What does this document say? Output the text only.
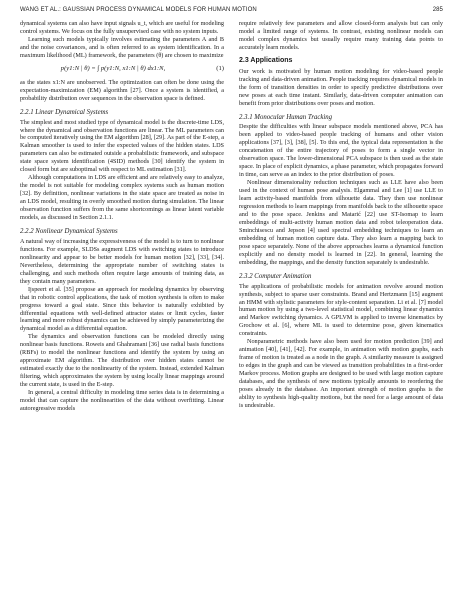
WANG ET AL.: GAUSSIAN PROCESS DYNAMICAL MODELS FOR HUMAN MOTION	285

dynamical systems can also have input signals u_t, which are useful for modeling control systems. We focus on the fully unsupervised case with no system inputs.

Learning such models typically involves estimating the parameters A and B and the noise covariances, and is often referred to as system identification. In a maximum likelihood (ML) framework, the parameters (θ) are chosen to maximize

p(y1:N | θ) = ∫ p(y1:N, x1:N | θ) dx1:N,	(1)

as the states x1:N are unobserved. The optimization can often be done using the expectation-maximization (EM) algorithm [27]. Once a system is identified, a probability distribution over sequences in the observation space is defined.

2.2.1 Linear Dynamical Systems

The simplest and most studied type of dynamical model is the discrete-time LDS, where the dynamical and observation functions are linear. The ML parameters can be computed iteratively using the EM algorithm [28], [29]. As part of the E-step, a Kalman smoother is used to infer the expected values of the hidden states. LDS parameters can also be estimated outside a probabilistic framework, and subspace state space system identification (4SID) methods [30] identify the system in closed form but are suboptimal with respect to ML estimation [31].

Although computations in LDS are efficient and are relatively easy to analyze, the model is not suitable for modeling complex systems such as human motion [32]. By definition, nonlinear variations in the state space are treated as noise in an LDS model, resulting in overly smoothed motion during simulation. The linear observation function suffers from the same shortcomings as linear latent variable models, as discussed in Section 2.1.1.

2.2.2 Nonlinear Dynamical Systems

A natural way of increasing the expressiveness of the model is to turn to nonlinear functions. For example, SLDSs augment LDS with switching states to introduce nonlinearity and appear to be better models for human motion [32], [33], [34]. Nevertheless, determining the appropriate number of switching states is challenging, and such methods often require large amounts of training data, as they contain many parameters.

Ijspeert et al. [35] propose an approach for modeling dynamics by observing that in robotic control applications, the task of motion synthesis is often to make progress toward a goal state. Since this behavior is naturally exhibited by differential equations with well-defined attractor states or limit cycles, faster learning and more robust dynamics can be achieved by simply parameterizing the dynamical model as a differential equation.

The dynamics and observation functions can be modeled directly using nonlinear basis functions. Roweis and Ghahramani [36] use radial basis functions (RBFs) to model the nonlinear functions and identify the system by using an approximate EM algorithm. The distribution over hidden states cannot be estimated exactly due to the nonlinearity of the system. Instead, extended Kalman filtering, which approximates the system by using locally linear mappings around the current state, is used in the E-step.

In general, a central difficulty in modeling time series data is in determining a model that can capture the nonlinearities of the data without overfitting. Linear autoregressive models

require relatively few parameters and allow closed-form analysis but can only model a limited range of systems. In contrast, existing nonlinear models can model complex dynamics but usually require many training data points to accurately learn models.

2.3 Applications

Our work is motivated by human motion modeling for video-based people tracking and data-driven animation. People tracking requires dynamical models in the form of transition densities in order to specify predictive distributions over new poses at each time instant. Similarly, data-driven computer animation can benefit from prior distributions over poses and motion.

2.3.1 Monocular Human Tracking

Despite the difficulties with linear subspace models mentioned above, PCA has been applied to video-based people tracking of humans and other vision applications [37], [3], [38], [5]. To this end, the typical data representation is the concatenation of the entire trajectory of poses to form a single vector in observation space. The lower-dimensional PCA subspace is then used as the state space. In place of explicit dynamics, a phase parameter, which propagates forward in time, can serve as an index to the prior distribution of poses.

Nonlinear dimensionality reduction techniques such as LLE have also been used in the context of human pose analysis. Elgammal and Lee [1] use LLE to learn activity-based manifolds from silhouette data. They then use nonlinear regression methods to learn mappings from manifolds back to the silhouette space and to the pose space. Jenkins and Matarić [22] use ST-Isomap to learn embeddings of multi-activity human motion data and robot teleoperation data. Sminchisescu and Jepson [4] used spectral embedding techniques to learn an embedding of human motion capture data. They also learn a mapping back to pose space separately. None of the above approaches learns a dynamical function explicitly and no density model is learned in [22]. In general, learning the embedding, the mappings, and the density function separately is undesirable.

2.3.2 Computer Animation

The applications of probabilistic models for animation revolve around motion synthesis, subject to sparse user constraints. Brand and Hertzmann [15] augment an HMM with stylistic parameters for style-content separation. Li et al. [7] model human motion by using a two-level statistical model, combining linear dynamics and Markov switching dynamics. A GPLVM is applied to inverse kinematics by Grochow et al. [6], where ML is used to determine pose, given kinematics constraints.

Nonparametric methods have also been used for motion prediction [39] and animation [40], [41], [42]. For example, in animation with motion graphs, each frame of motion is treated as a node in the graph. A similarity measure is assigned to edges in the graph and can be viewed as transition probabilities in a first-order Markov process. Motion graphs are designed to be used with large motion capture databases, and the synthesis of new motions typically amounts to reordering the poses already in the database. An important strength of motion graphs is the ability to synthesis high-quality motions, but the need for a large amount of data is undesirable.
